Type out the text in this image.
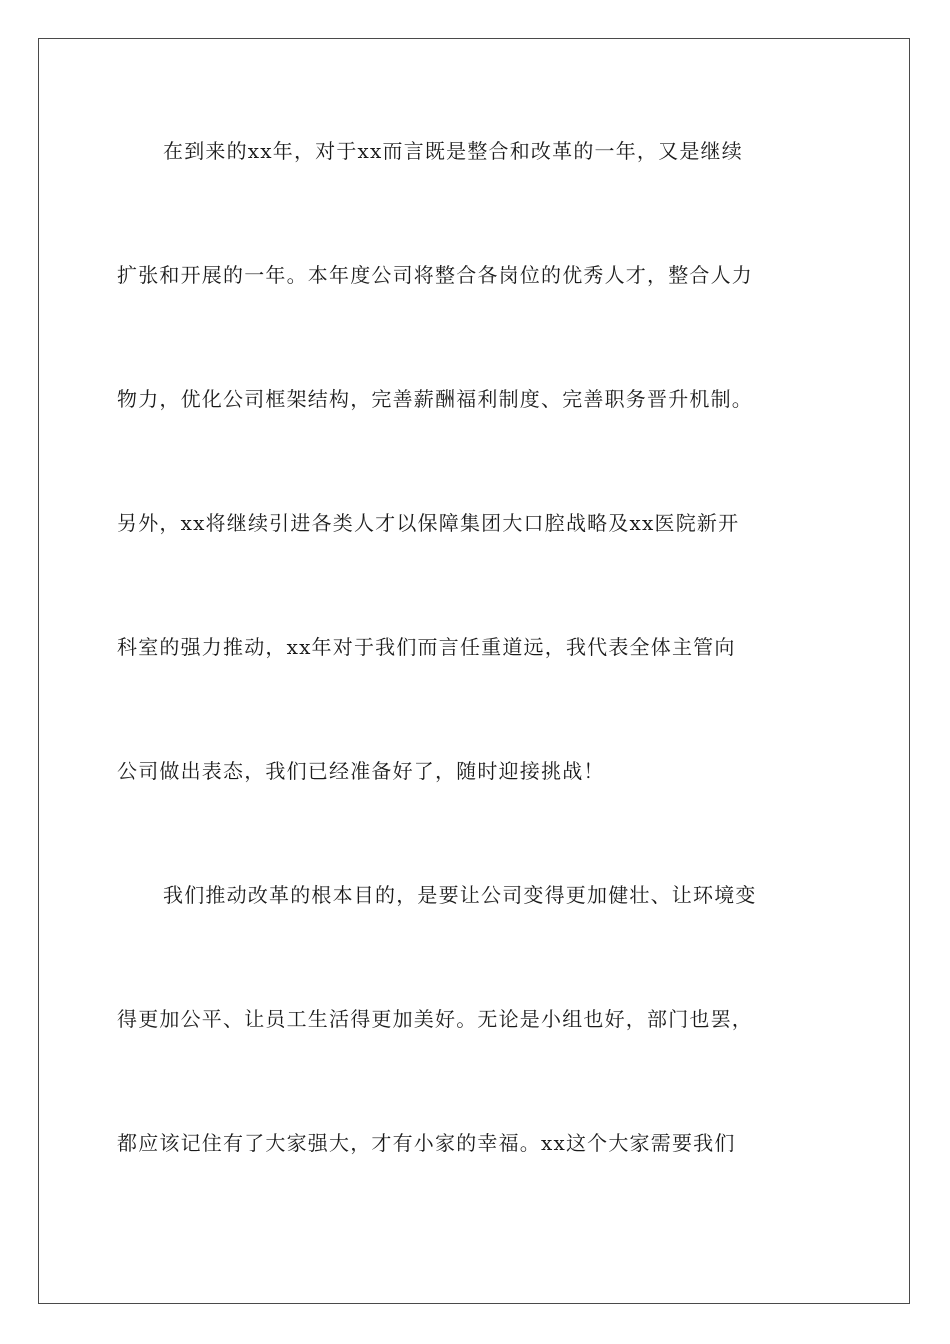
在到来的xx年，对于xx而言既是整合和改革的一年，又是继续
扩张和开展的一年。本年度公司将整合各岗位的优秀人才，整合人力
物力，优化公司框架结构，完善薪酬福利制度、完善职务晋升机制。
另外，xx将继续引进各类人才以保障集团大口腔战略及xx医院新开
科室的强力推动，xx年对于我们而言任重道远，我代表全体主管向
公司做出表态，我们已经准备好了，随时迎接挑战！
我们推动改革的根本目的，是要让公司变得更加健壮、让环境变
得更加公平、让员工生活得更加美好。无论是小组也好，部门也罢，
都应该记住有了大家强大，才有小家的幸福。xx这个大家需要我们
